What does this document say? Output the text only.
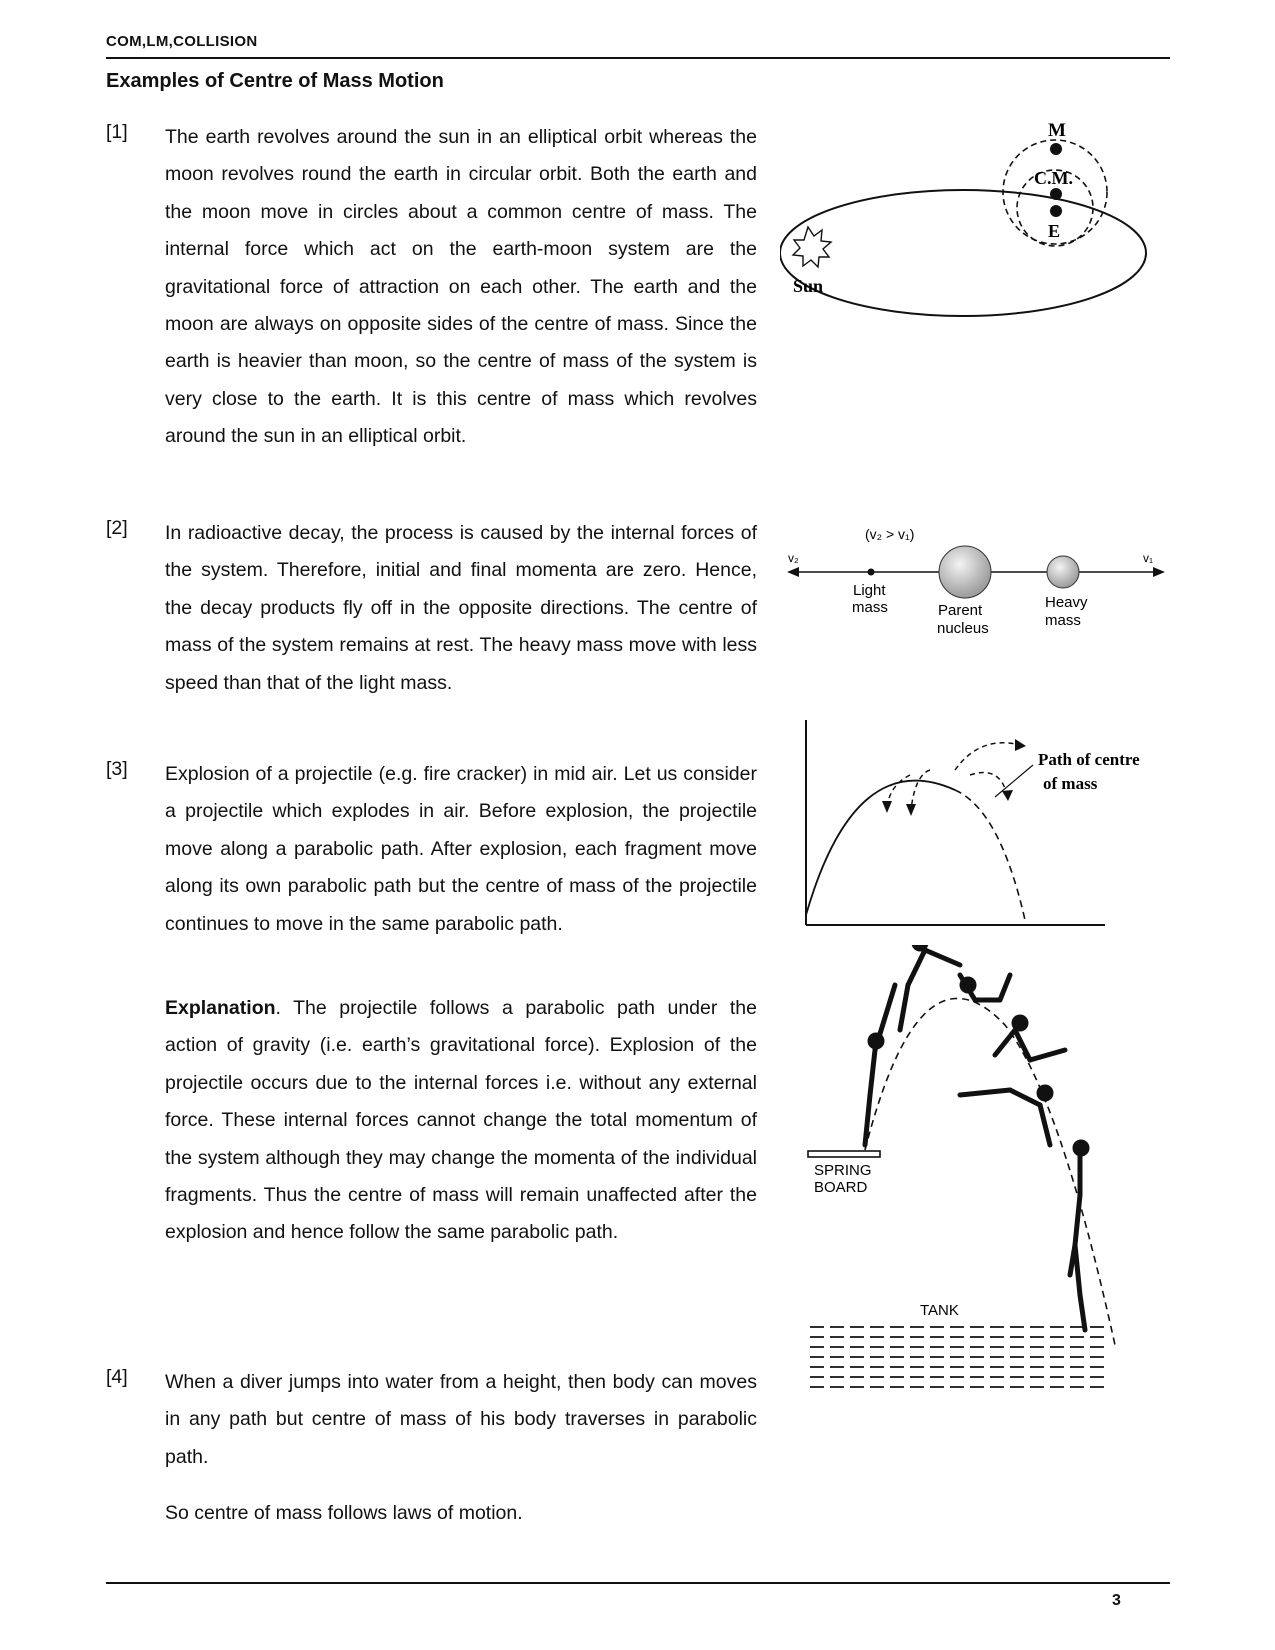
COM,LM,COLLISION
Examples of Centre of Mass Motion
[1] The earth revolves around the sun in an elliptical orbit whereas the moon revolves round the earth in circular orbit. Both the earth and the moon move in circles about a common centre of mass. The internal force which act on the earth-moon system are the gravitational force of attraction on each other. The earth and the moon are always on opposite sides of the centre of mass. Since the earth is heavier than moon, so the centre of mass of the system is very close to the earth. It is this centre of mass which revolves around the sun in an elliptical orbit.
[2] In radioactive decay, the process is caused by the internal forces of the system. Therefore, initial and final momenta are zero. Hence, the decay products fly off in the opposite directions. The centre of mass of the system remains at rest. The heavy mass move with less speed than that of the light mass.
[3] Explosion of a projectile (e.g. fire cracker) in mid air. Let us consider a projectile which explodes in air. Before explosion, the projectile move along a parabolic path. After explosion, each fragment move along its own parabolic path but the centre of mass of the projectile continues to move in the same parabolic path.
Explanation. The projectile follows a parabolic path under the action of gravity (i.e. earth’s gravitational force). Explosion of the projectile occurs due to the internal forces i.e. without any external force. These internal forces cannot change the total momentum of the system although they may change the momenta of the individual fragments. Thus the centre of mass will remain unaffected after the explosion and hence follow the same parabolic path.
[4] When a diver jumps into water from a height, then body can moves in any path but centre of mass of his body traverses in parabolic path.
So centre of mass follows laws of motion.
M
C.M.
E
Sun
(v₂ > v₁)
v₂	v₁
Light
mass	Parent
nucleus
Heavy
mass
Path of centre
of mass
SPRING
BOARD
TANK
3
